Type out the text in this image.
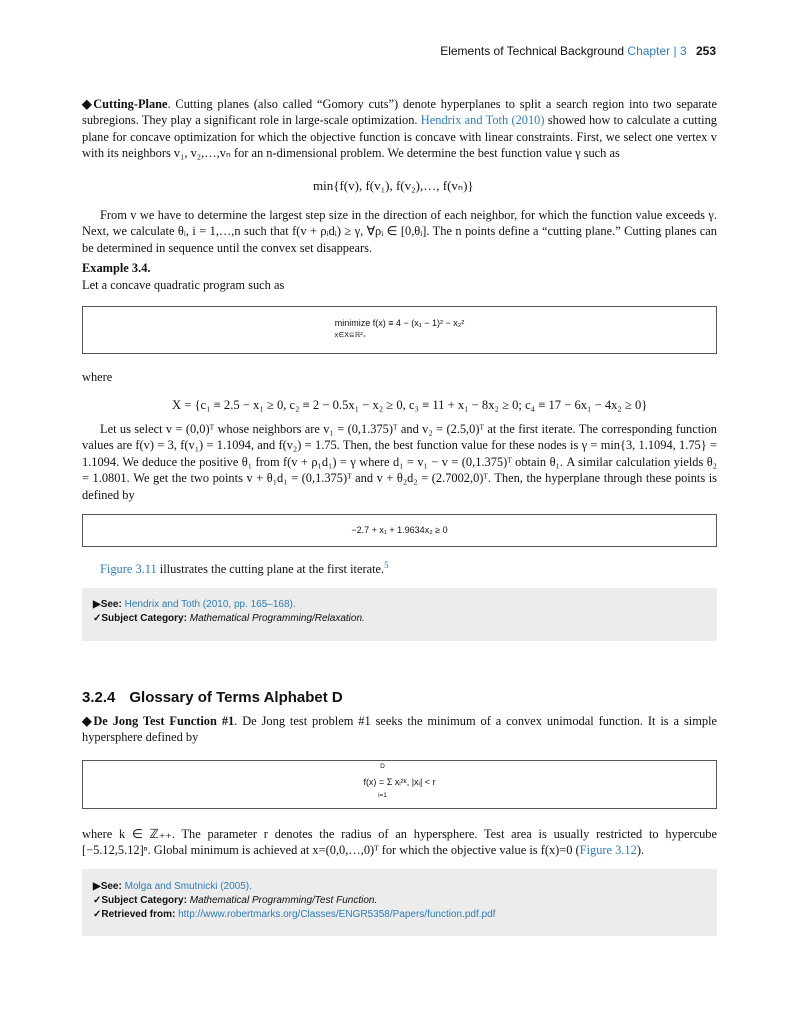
Elements of Technical Background Chapter | 3 253
◆Cutting-Plane. Cutting planes (also called “Gomory cuts”) denote hyperplanes to split a search region into two separate subregions. They play a significant role in large-scale optimization. Hendrix and Toth (2010) showed how to calculate a cutting plane for concave optimization for which the objective function is concave with linear constraints. First, we select one vertex v with its neighbors v₁, v₂,…,vₙ for an n-dimensional problem. We determine the best function value γ such as
min{f(v), f(v₁), f(v₂),…, f(vₙ)}
From v we have to determine the largest step size in the direction of each neighbor, for which the function value exceeds γ. Next, we calculate θᵢ, i = 1,…,n such that f(v + ρᵢdᵢ) ≥ γ, ∀ρᵢ ∈ [0,θᵢ]. The n points define a “cutting plane.” Cutting planes can be determined in sequence until the convex set disappears.
Example 3.4.
Let a concave quadratic program such as
minimize f(x) ≡ 4 − (x₁ − 1)² − x₂²
x∈X⊆ℝ²₊
where
X = {c₁ ≡ 2.5 − x₁ ≥ 0, c₂ ≡ 2 − 0.5x₁ − x₂ ≥ 0, c₃ ≡ 11 + x₁ − 8x₂ ≥ 0; c₄ ≡ 17 − 6x₁ − 4x₂ ≥ 0}
Let us select v = (0,0)ᵀ whose neighbors are v₁ = (0,1.375)ᵀ and v₂ = (2.5,0)ᵀ at the first iterate. The corresponding function values are f(v) = 3, f(v₁) = 1.1094, and f(v₂) = 1.75. Then, the best function value for these nodes is γ = min{3, 1.1094, 1.75} = 1.1094. We deduce the positive θ₁ from f(v + ρ₁d₁) = γ where d₁ = v₁ − v = (0,1.375)ᵀ obtain θ₁. A similar calculation yields θ₂ = 1.0801. We get the two points v + θ₁d₁ = (0,1.375)ᵀ and v + θ₂d₂ = (2.7002,0)ᵀ. Then, the hyperplane through these points is defined by
−2.7 + x₁ + 1.9634x₂ ≥ 0
Figure 3.11 illustrates the cutting plane at the first iterate.$^5$
▶See: Hendrix and Toth (2010, pp. 165–168).
✓Subject Category: Mathematical Programming/Relaxation.
3.2.4 Glossary of Terms Alphabet D
◆De Jong Test Function #1. De Jong test problem #1 seeks the minimum of a convex unimodal function. It is a simple hypersphere defined by
D
f(x) = Σ xᵢ²ᵏ, |xᵢ| < r
i=1
where k ∈ ℤ₊₊. The parameter r denotes the radius of an hypersphere. Test area is usually restricted to hypercube [−5.12,5.12]ⁿ. Global minimum is achieved at x=(0,0,…,0)ᵀ for which the objective value is f(x)=0 (Figure 3.12).
▶See: Molga and Smutnicki (2005).
✓Subject Category: Mathematical Programming/Test Function.
✓Retrieved from: http://www.robertmarks.org/Classes/ENGR5358/Papers/function.pdf.pdf
